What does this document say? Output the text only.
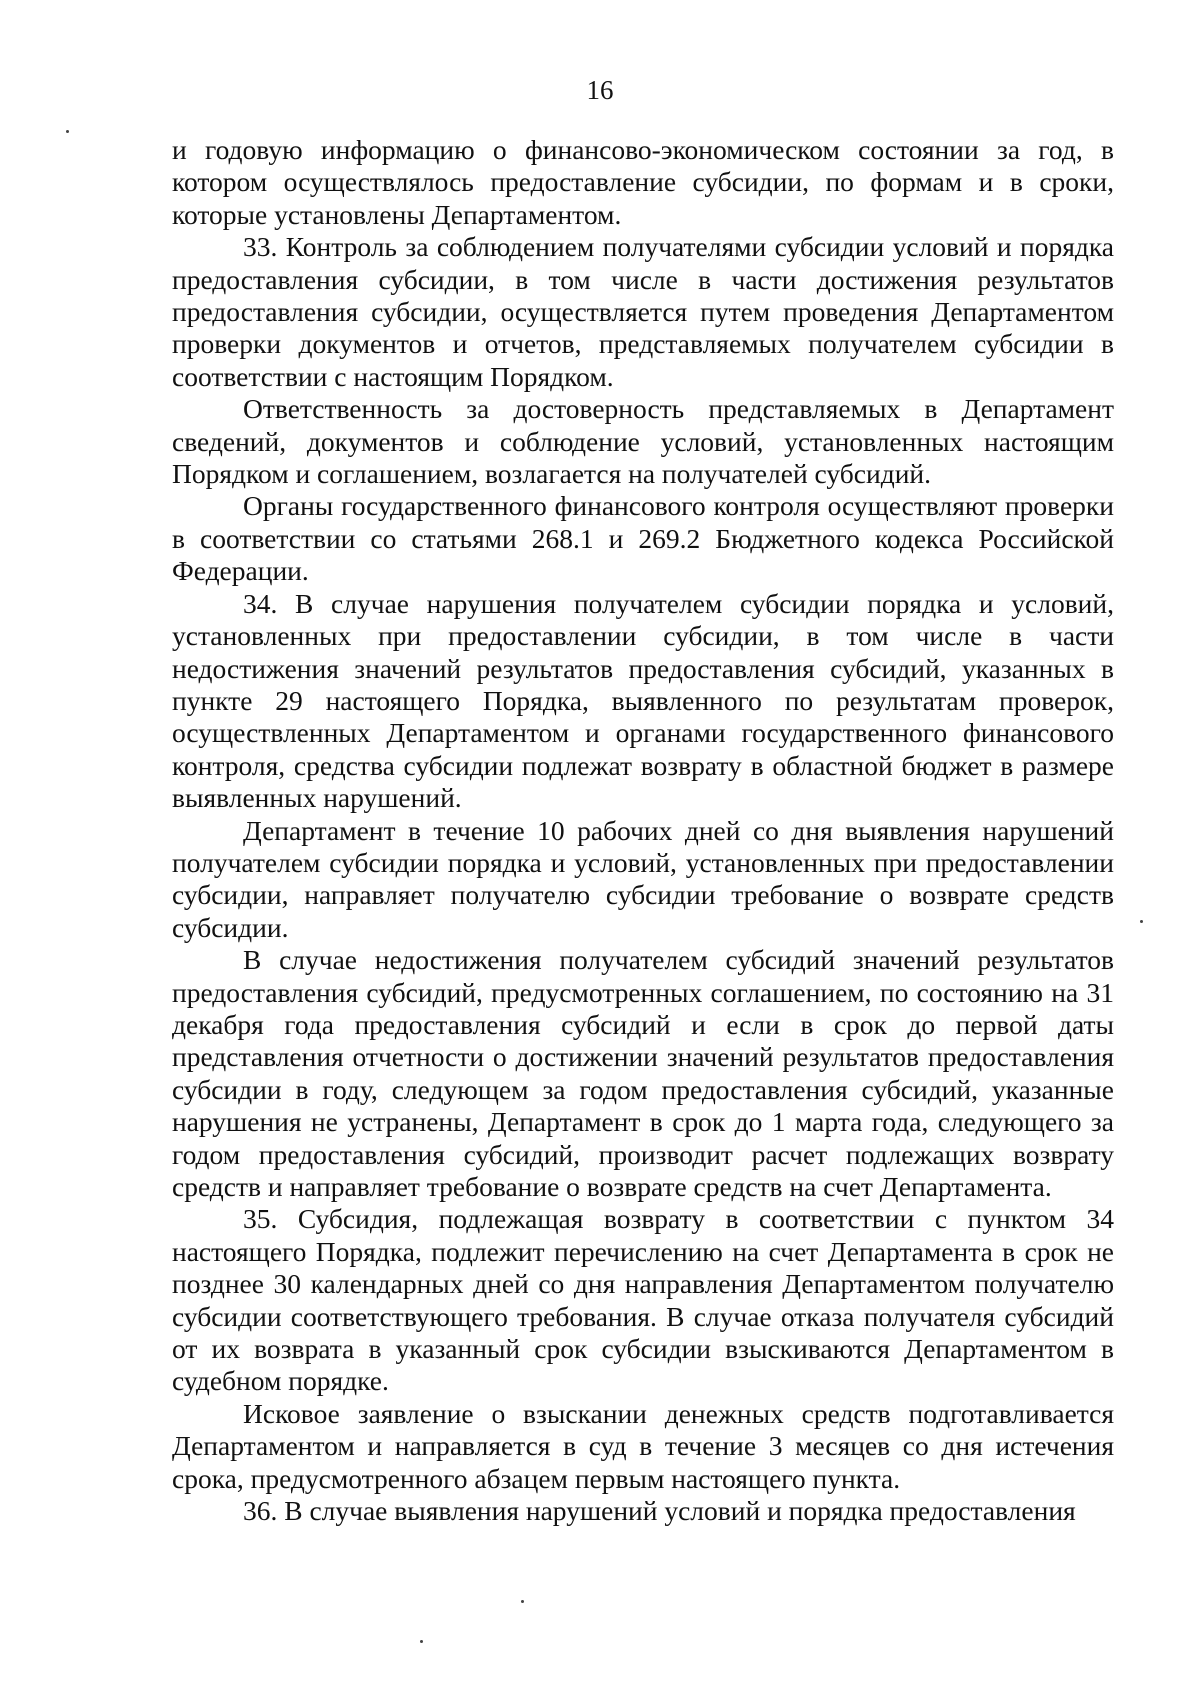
16

и годовую информацию о финансово-экономическом состоянии за год, в котором осуществлялось предоставление субсидии, по формам и в сроки, которые установлены Департаментом.

33. Контроль за соблюдением получателями субсидии условий и порядка предоставления субсидии, в том числе в части достижения результатов предоставления субсидии, осуществляется путем проведения Департаментом проверки документов и отчетов, представляемых получателем субсидии в соответствии с настоящим Порядком.

Ответственность за достоверность представляемых в Департамент сведений, документов и соблюдение условий, установленных настоящим Порядком и соглашением, возлагается на получателей субсидий.

Органы государственного финансового контроля осуществляют проверки в соответствии со статьями 268.1 и 269.2 Бюджетного кодекса Российской Федерации.

34. В случае нарушения получателем субсидии порядка и условий, установленных при предоставлении субсидии, в том числе в части недостижения значений результатов предоставления субсидий, указанных в пункте 29 настоящего Порядка, выявленного по результатам проверок, осуществленных Департаментом и органами государственного финансового контроля, средства субсидии подлежат возврату в областной бюджет в размере выявленных нарушений.

Департамент в течение 10 рабочих дней со дня выявления нарушений получателем субсидии порядка и условий, установленных при предоставлении субсидии, направляет получателю субсидии требование о возврате средств субсидии.

В случае недостижения получателем субсидий значений результатов предоставления субсидий, предусмотренных соглашением, по состоянию на 31 декабря года предоставления субсидий и если в срок до первой даты представления отчетности о достижении значений результатов предоставления субсидии в году, следующем за годом предоставления субсидий, указанные нарушения не устранены, Департамент в срок до 1 марта года, следующего за годом предоставления субсидий, производит расчет подлежащих возврату средств и направляет требование о возврате средств на счет Департамента.

35. Субсидия, подлежащая возврату в соответствии с пунктом 34 настоящего Порядка, подлежит перечислению на счет Департамента в срок не позднее 30 календарных дней со дня направления Департаментом получателю субсидии соответствующего требования. В случае отказа получателя субсидий от их возврата в указанный срок субсидии взыскиваются Департаментом в судебном порядке.

Исковое заявление о взыскании денежных средств подготавливается Департаментом и направляется в суд в течение 3 месяцев со дня истечения срока, предусмотренного абзацем первым настоящего пункта.

36. В случае выявления нарушений условий и порядка предоставления
